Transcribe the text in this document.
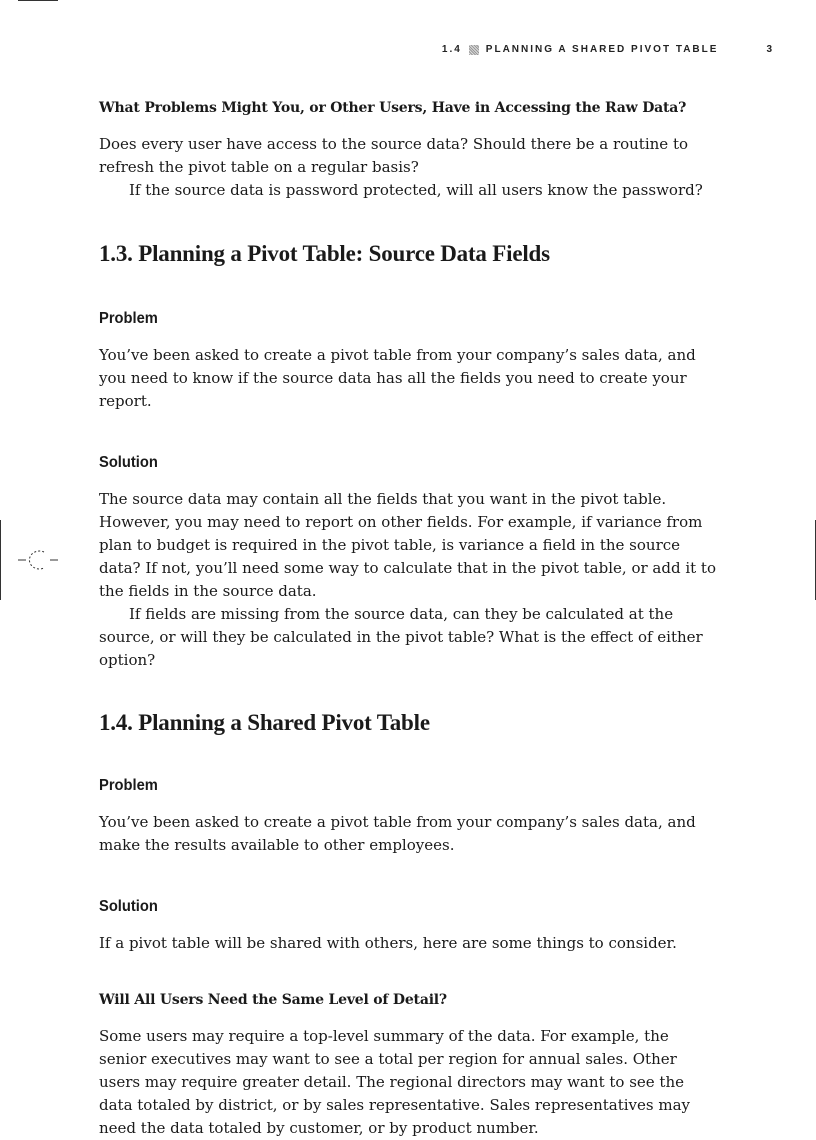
1.4 PLANNING A SHARED PIVOT TABLE	3
What Problems Might You, or Other Users, Have in Accessing the Raw Data?

Does every user have access to the source data? Should there be a routine to refresh the pivot table on a regular basis?

If the source data is password protected, will all users know the password?

1.3. Planning a Pivot Table: Source Data Fields
Problem

You’ve been asked to create a pivot table from your company’s sales data, and you need to know if the source data has all the fields you need to create your report.

Solution

The source data may contain all the fields that you want in the pivot table. However, you may need to report on other fields. For example, if variance from plan to budget is required in the pivot table, is variance a field in the source data? If not, you’ll need some way to calculate that in the pivot table, or add it to the fields in the source data.

If fields are missing from the source data, can they be calculated at the source, or will they be calculated in the pivot table? What is the effect of either option?

1.4. Planning a Shared Pivot Table
Problem

You’ve been asked to create a pivot table from your company’s sales data, and make the results available to other employees.

Solution

If a pivot table will be shared with others, here are some things to consider.

Will All Users Need the Same Level of Detail?

Some users may require a top-level summary of the data. For example, the senior executives may want to see a total per region for annual sales. Other users may require greater detail. The regional directors may want to see the data totaled by district, or by sales representative. Sales representatives may need the data totaled by customer, or by product number.
